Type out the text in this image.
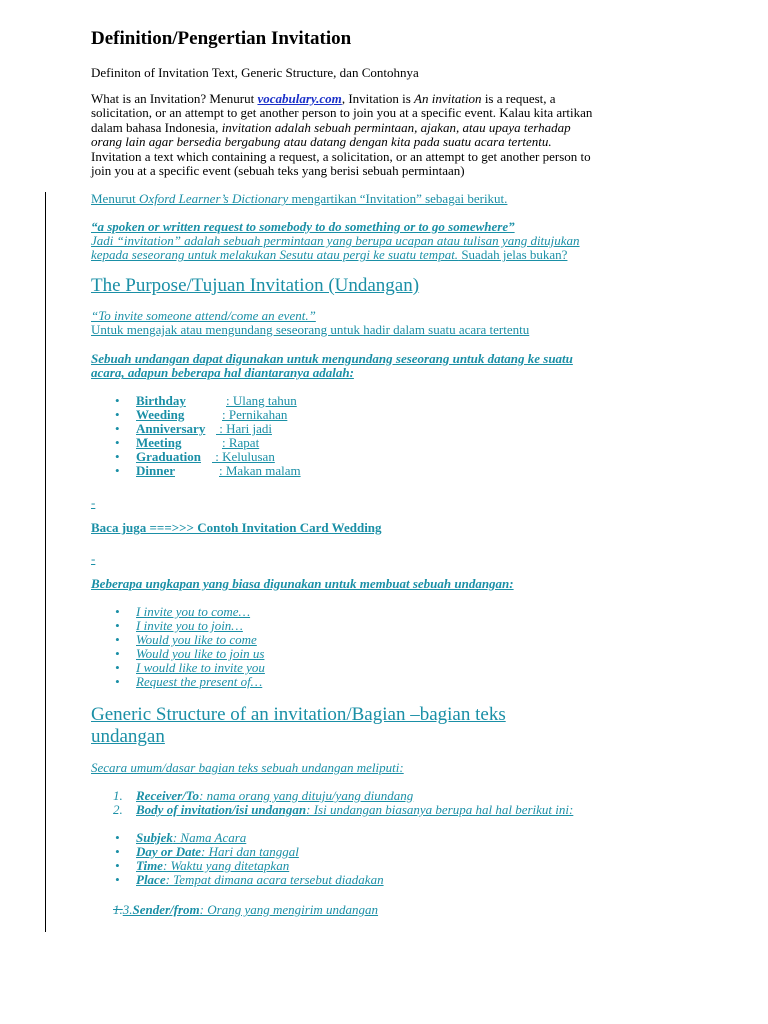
Definition/Pengertian Invitation

Definiton of Invitation Text, Generic Structure, dan Contohnya

What is an Invitation? Menurut vocabulary.com, Invitation is An invitation is a request, a
solicitation, or an attempt to get another person to join you at a specific event. Kalau kita artikan
dalam bahasa Indonesia, invitation adalah sebuah permintaan, ajakan, atau upaya terhadap
orang lain agar bersedia bergabung atau datang dengan kita pada suatu acara tertentu.
Invitation a text which containing a request, a solicitation, or an attempt to get another person to
join you at a specific event (sebuah teks yang berisi sebuah permintaan)

Menurut Oxford Learner’s Dictionary mengartikan “Invitation” sebagai berikut.

“a spoken or written request to somebody to do something or to go somewhere”

Jadi “invitation” adalah sebuah permintaan yang berupa ucapan atau tulisan yang ditujukan
kepada seseorang untuk melakukan Sesutu atau pergi ke suatu tempat. Suadah jelas bukan?

The Purpose/Tujuan Invitation (Undangan)

“To invite someone attend/come an event.”

Untuk mengajak atau mengundang seseorang untuk hadir dalam suatu acara tertentu

Sebuah undangan dapat digunakan untuk mengundang seseorang untuk datang ke suatu
acara, adapun beberapa hal diantaranya adalah:

• Birthday	: Ulang tahun
• Weeding	: Pernikahan
• Anniversary : Hari jadi
• Meeting	: Rapat
• Graduation : Kelulusan
• Dinner	: Makan malam

-

Baca juga ===>>> Contoh Invitation Card Wedding

-

Beberapa ungkapan yang biasa digunakan untuk membuat sebuah undangan:

• I invite you to come…
• I invite you to join…
• Would you like to come
• Would you like to join us
• I would like to invite you
• Request the present of…
Generic Structure of an invitation/Bagian –bagian teks
undangan

Secara umum/dasar bagian teks sebuah undangan meliputi:

1. Receiver/To: nama orang yang dituju/yang diundang
2. Body of invitation/isi undangan: Isi undangan biasanya berupa hal hal berikut ini:
• Subjek: Nama Acara
• Day or Date: Hari dan tanggal
• Time: Waktu yang ditetapkan
• Place: Tempat dimana acara tersebut diadakan

1.3.Sender/from: Orang yang mengirim undangan
